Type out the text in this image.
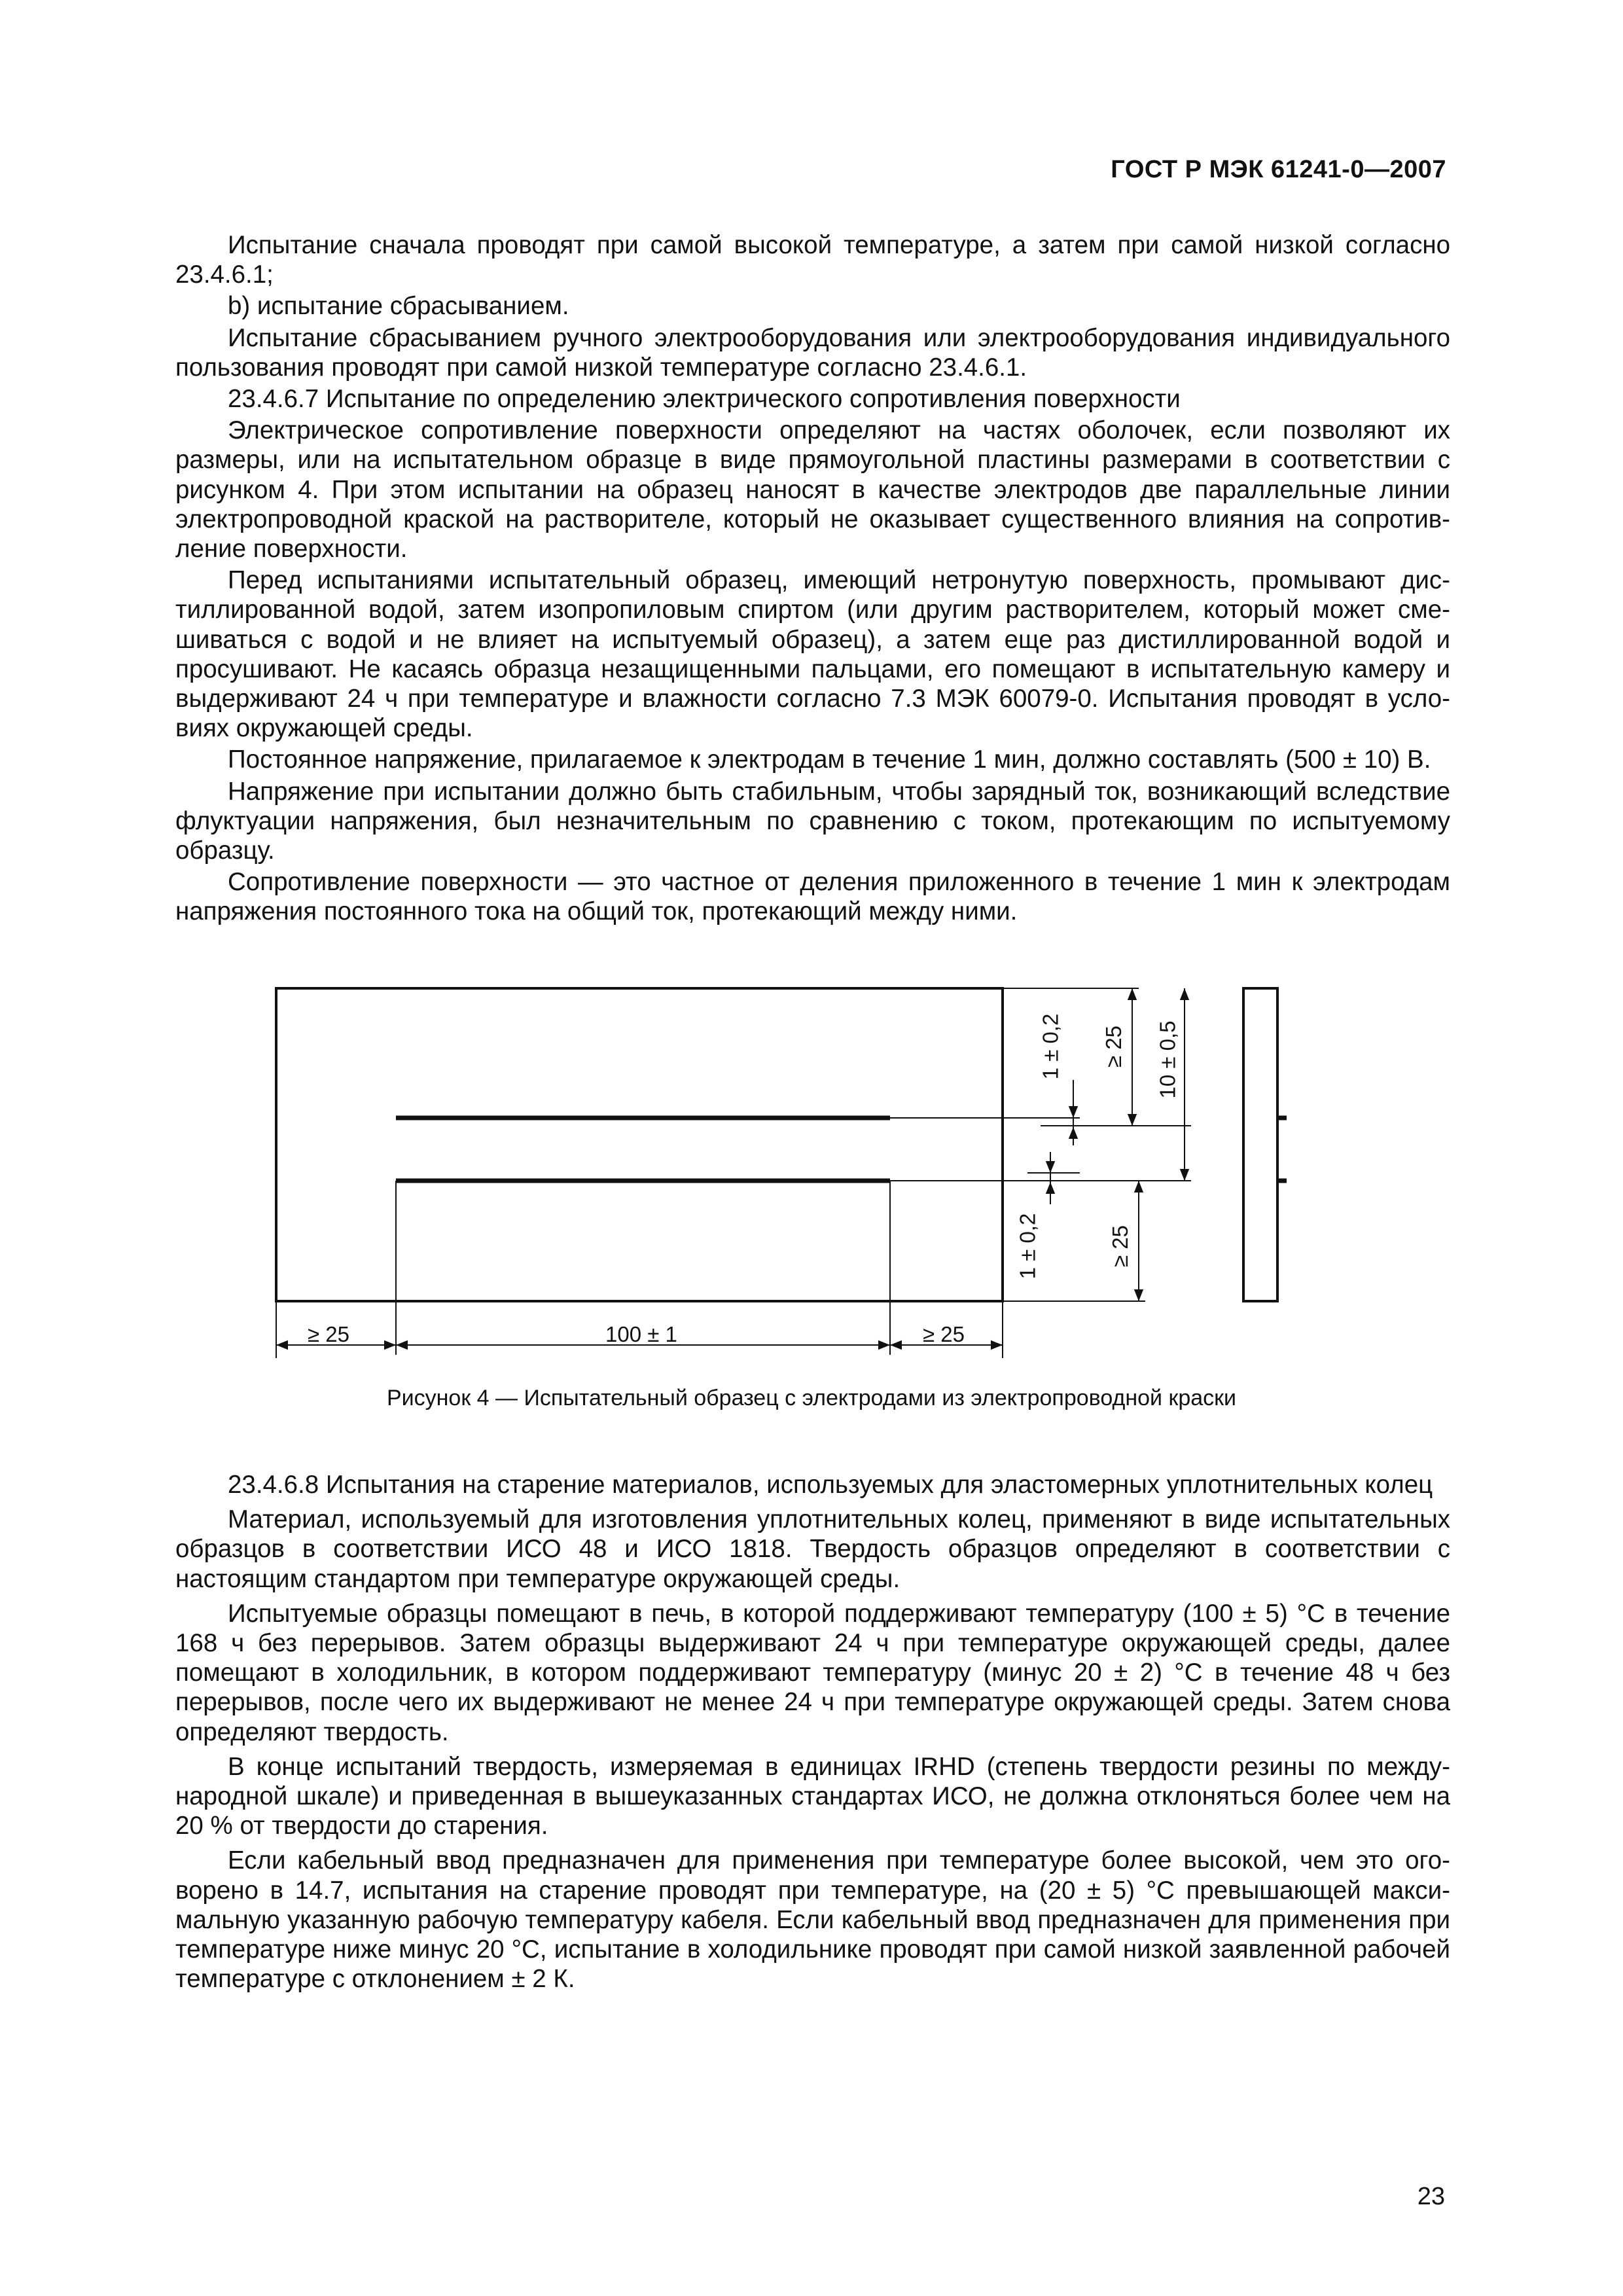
ГОСТ Р МЭК 61241-0—2007

Испытание сначала проводят при самой высокой температуре, а затем при самой низкой согласно 23.4.6.1;

b) испытание сбрасыванием.

Испытание сбрасыванием ручного электрооборудования или электрооборудования индивидуального пользования проводят при самой низкой температуре согласно 23.4.6.1.

23.4.6.7 Испытание по определению электрического сопротивления поверхности

Электрическое сопротивление поверхности определяют на частях оболочек, если позволяют их размеры, или на испытательном образце в виде прямоугольной пластины размерами в соответствии с рисунком 4. При этом испытании на образец наносят в качестве электродов две параллельные линии электропроводной краской на растворителе, который не оказывает существенного влияния на сопротивление поверхности.

Перед испытаниями испытательный образец, имеющий нетронутую поверхность, промывают дистиллированной водой, затем изопропиловым спиртом (или другим растворителем, который может смешиваться с водой и не влияет на испытуемый образец), а затем еще раз дистиллированной водой и просушивают. Не касаясь образца незащищенными пальцами, его помещают в испытательную камеру и выдерживают 24 ч при температуре и влажности согласно 7.3 МЭК 60079-0. Испытания проводят в условиях окружающей среды.

Постоянное напряжение, прилагаемое к электродам в течение 1 мин, должно составлять (500 ± 10) В.

Напряжение при испытании должно быть стабильным, чтобы зарядный ток, возникающий вследствие флуктуации напряжения, был незначительным по сравнению с током, протекающим по испытуемому образцу.

Сопротивление поверхности — это частное от деления приложенного в течение 1 мин к электродам напряжения постоянного тока на общий ток, протекающий между ними.

≥ 25	100 ± 1	≥ 25
1 ± 0,2 ≥ 25 10 ± 0,5
1 ± 0,2	≥ 25
Рисунок 4 — Испытательный образец с электродами из электропроводной краски

23.4.6.8 Испытания на старение материалов, используемых для эластомерных уплотнительных колец

Материал, используемый для изготовления уплотнительных колец, применяют в виде испытательных образцов в соответствии ИСО 48 и ИСО 1818. Твердость образцов определяют в соответствии с настоящим стандартом при температуре окружающей среды.

Испытуемые образцы помещают в печь, в которой поддерживают температуру (100 ± 5) °С в течение 168 ч без перерывов. Затем образцы выдерживают 24 ч при температуре окружающей среды, далее помещают в холодильник, в котором поддерживают температуру (минус 20 ± 2) °С в течение 48 ч без перерывов, после чего их выдерживают не менее 24 ч при температуре окружающей среды. Затем снова определяют твердость.

В конце испытаний твердость, измеряемая в единицах IRHD (степень твердости резины по международной шкале) и приведенная в вышеуказанных стандартах ИСО, не должна отклоняться более чем на 20 % от твердости до старения.

Если кабельный ввод предназначен для применения при температуре более высокой, чем это оговорено в 14.7, испытания на старение проводят при температуре, на (20 ± 5) °С превышающей максимальную указанную рабочую температуру кабеля. Если кабельный ввод предназначен для применения при температуре ниже минус 20 °С, испытание в холодильнике проводят при самой низкой заявленной рабочей температуре с отклонением ± 2 К.

23
